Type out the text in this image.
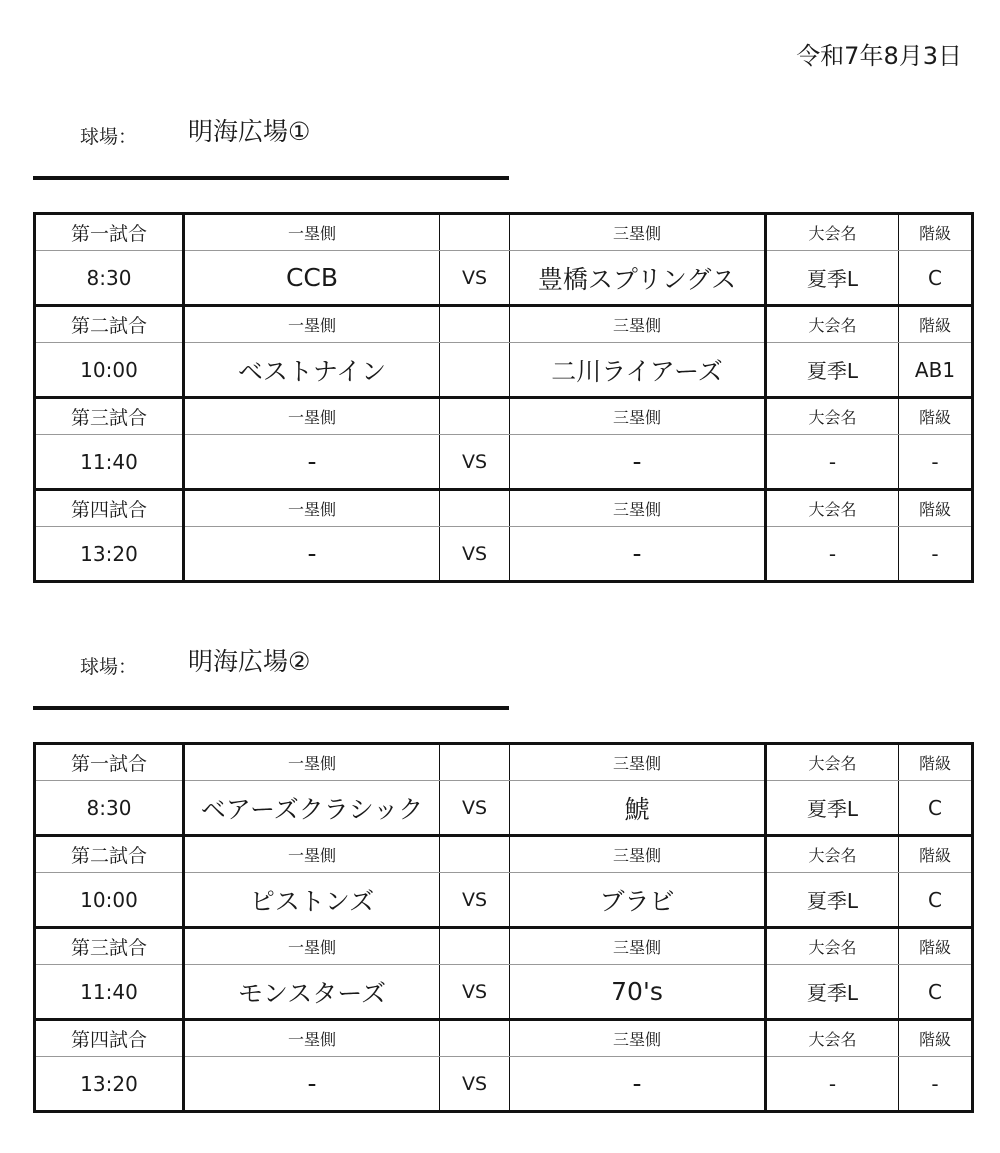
令和7年8月3日
球場： 明海広場①
第一試合	一塁側		三塁側	大会名	階級
8:30	CCB	VS	豊橋スプリングス	夏季L	C
第二試合	一塁側		三塁側	大会名	階級
10:00	ベストナイン		二川ライアーズ	夏季L	AB1
第三試合	一塁側		三塁側	大会名	階級
11:40	-	VS	-	-	-
第四試合	一塁側		三塁側	大会名	階級
13:20	-	VS	-	-	-
球場： 明海広場②
第一試合	一塁側		三塁側	大会名	階級
8:30	ベアーズクラシック	VS	鯱	夏季L	C
第二試合	一塁側		三塁側	大会名	階級
10:00	ピストンズ	VS	ブラビ	夏季L	C
第三試合	一塁側		三塁側	大会名	階級
11:40	モンスターズ	VS	70's	夏季L	C
第四試合	一塁側		三塁側	大会名	階級
13:20	-	VS	-	-	-
